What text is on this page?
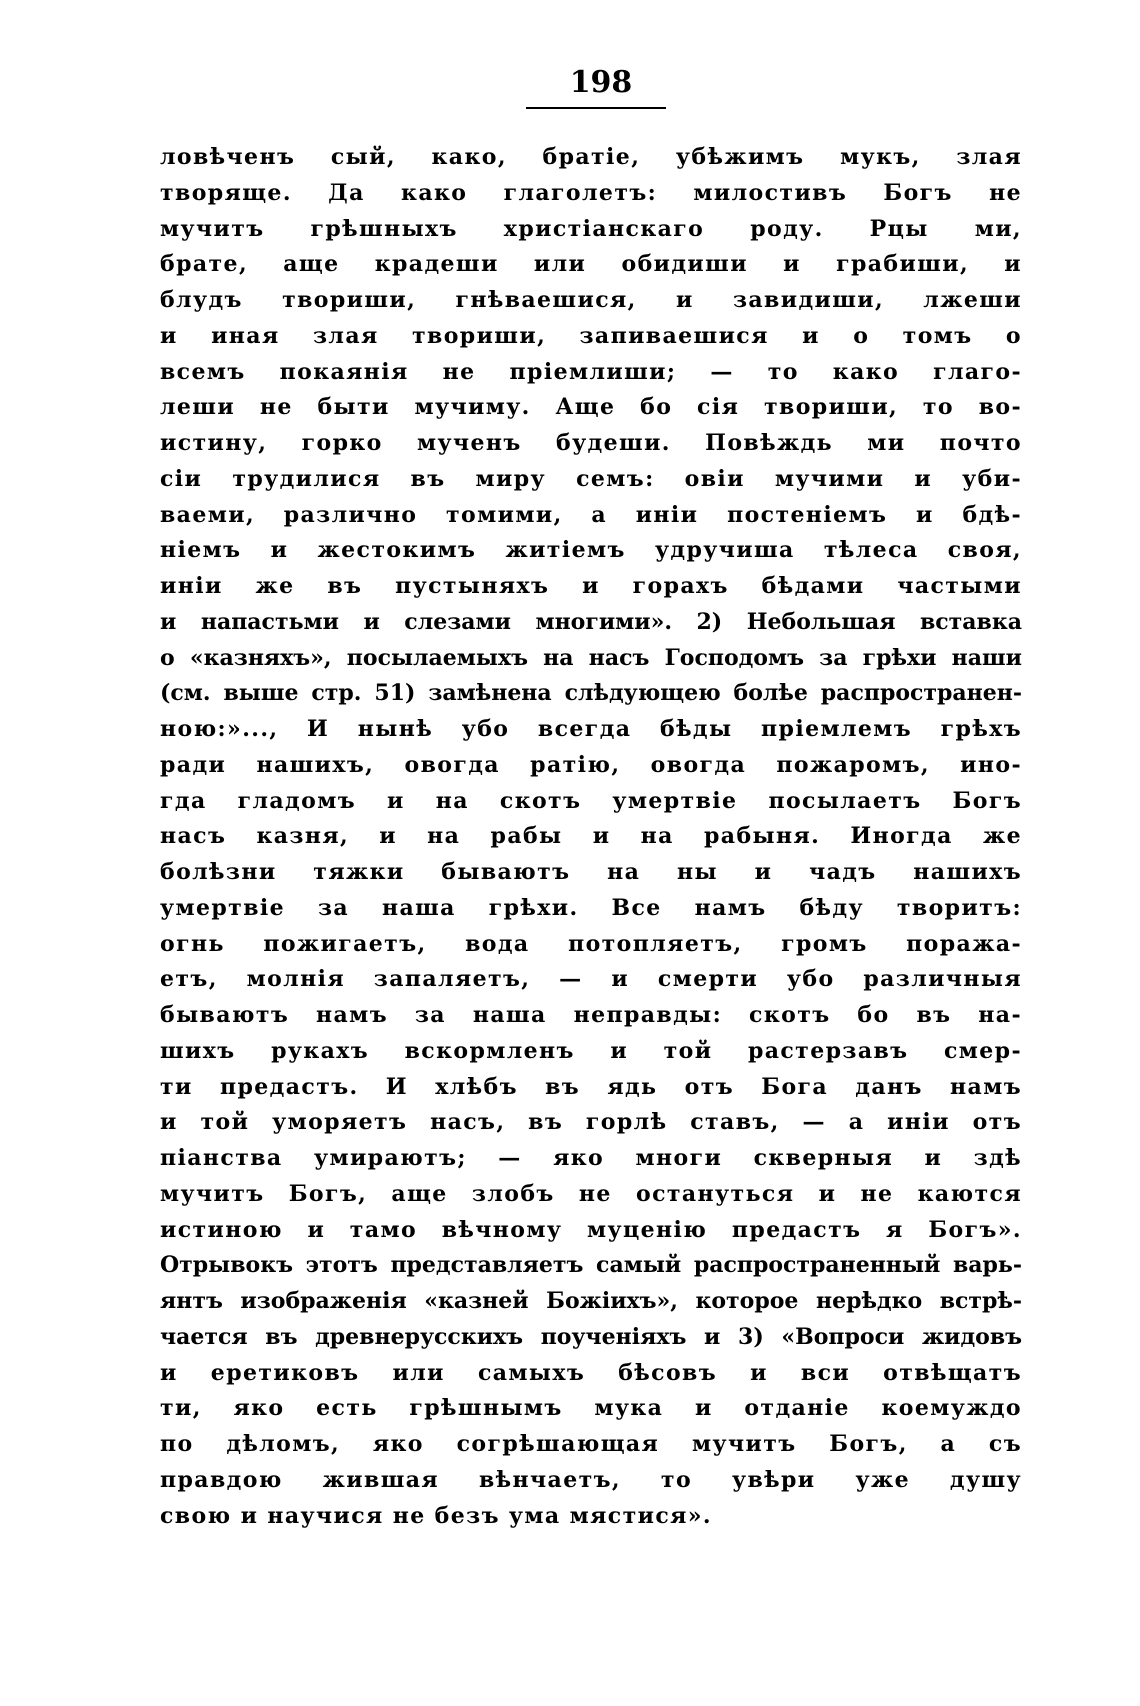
198
ловѣченъ сый, како, братіе, убѣжимъ мукъ, злая
творяще. Да како глаголетъ: милостивъ Богъ не
мучитъ грѣшныхъ христіанскаго роду. Рцы ми,
брате, аще крадеши или обидиши и грабиши, и
блудъ твориши, гнѣваешися, и завидиши, лжеши
и иная злая твориши, запиваешися и о томъ о
всемъ покаянія не пріемлиши; — то како глаго-
леши не быти мучиму. Аще бо сія твориши, то во-
истину, горко мученъ будеши. Повѣждь ми почто
сіи трудилися въ миру семъ: овіи мучими и уби-
ваеми, различно томими, а иніи постеніемъ и бдѣ-
ніемъ и жестокимъ житіемъ удручиша тѣлеса своя,
иніи же въ пустыняхъ и горахъ бѣдами частыми
и напастьми и слезами многими». 2) Небольшая вставка
о «казняхъ», посылаемыхъ на насъ Господомъ за грѣхи наши
(см. выше стр. 51) замѣнена слѣдующею болѣе распространен-
ною:»..., И нынѣ убо всегда бѣды пріемлемъ грѣхъ
ради нашихъ, овогда ратію, овогда пожаромъ, ино-
гда гладомъ и на скотъ умертвіе посылаетъ Богъ
насъ казня, и на рабы и на рабыня. Иногда же
болѣзни тяжки бываютъ на ны и чадъ нашихъ
умертвіе за наша грѣхи. Все намъ бѣду творитъ:
огнь пожигаетъ, вода потопляетъ, громъ поража-
етъ, молнія запаляетъ, — и смерти убо различныя
бываютъ намъ за наша неправды: скотъ бо въ на-
шихъ рукахъ вскормленъ и той растерзавъ смер-
ти предастъ. И хлѣбъ въ ядь отъ Бога данъ намъ
и той уморяетъ насъ, въ горлѣ ставъ, — а иніи отъ
піанства умираютъ; — яко многи скверныя и здѣ
мучитъ Богъ, аще злобъ не остануться и не каются
истиною и тамо вѣчному муценію предастъ я Богъ».
Отрывокъ этотъ представляетъ самый распространенный варь-
янтъ изображенія «казней Божіихъ», которое нерѣдко встрѣ-
чается въ древнерусскихъ поученіяхъ и 3) «Вопроси жидовъ
и еретиковъ или самыхъ бѣсовъ и вси отвѣщатъ
ти, яко есть грѣшнымъ мука и отданіе коемуждо
по дѣломъ, яко согрѣшающая мучитъ Богъ, а съ
правдою жившая вѣнчаетъ, то увѣри уже душу
свою и научися не безъ ума мястися».
